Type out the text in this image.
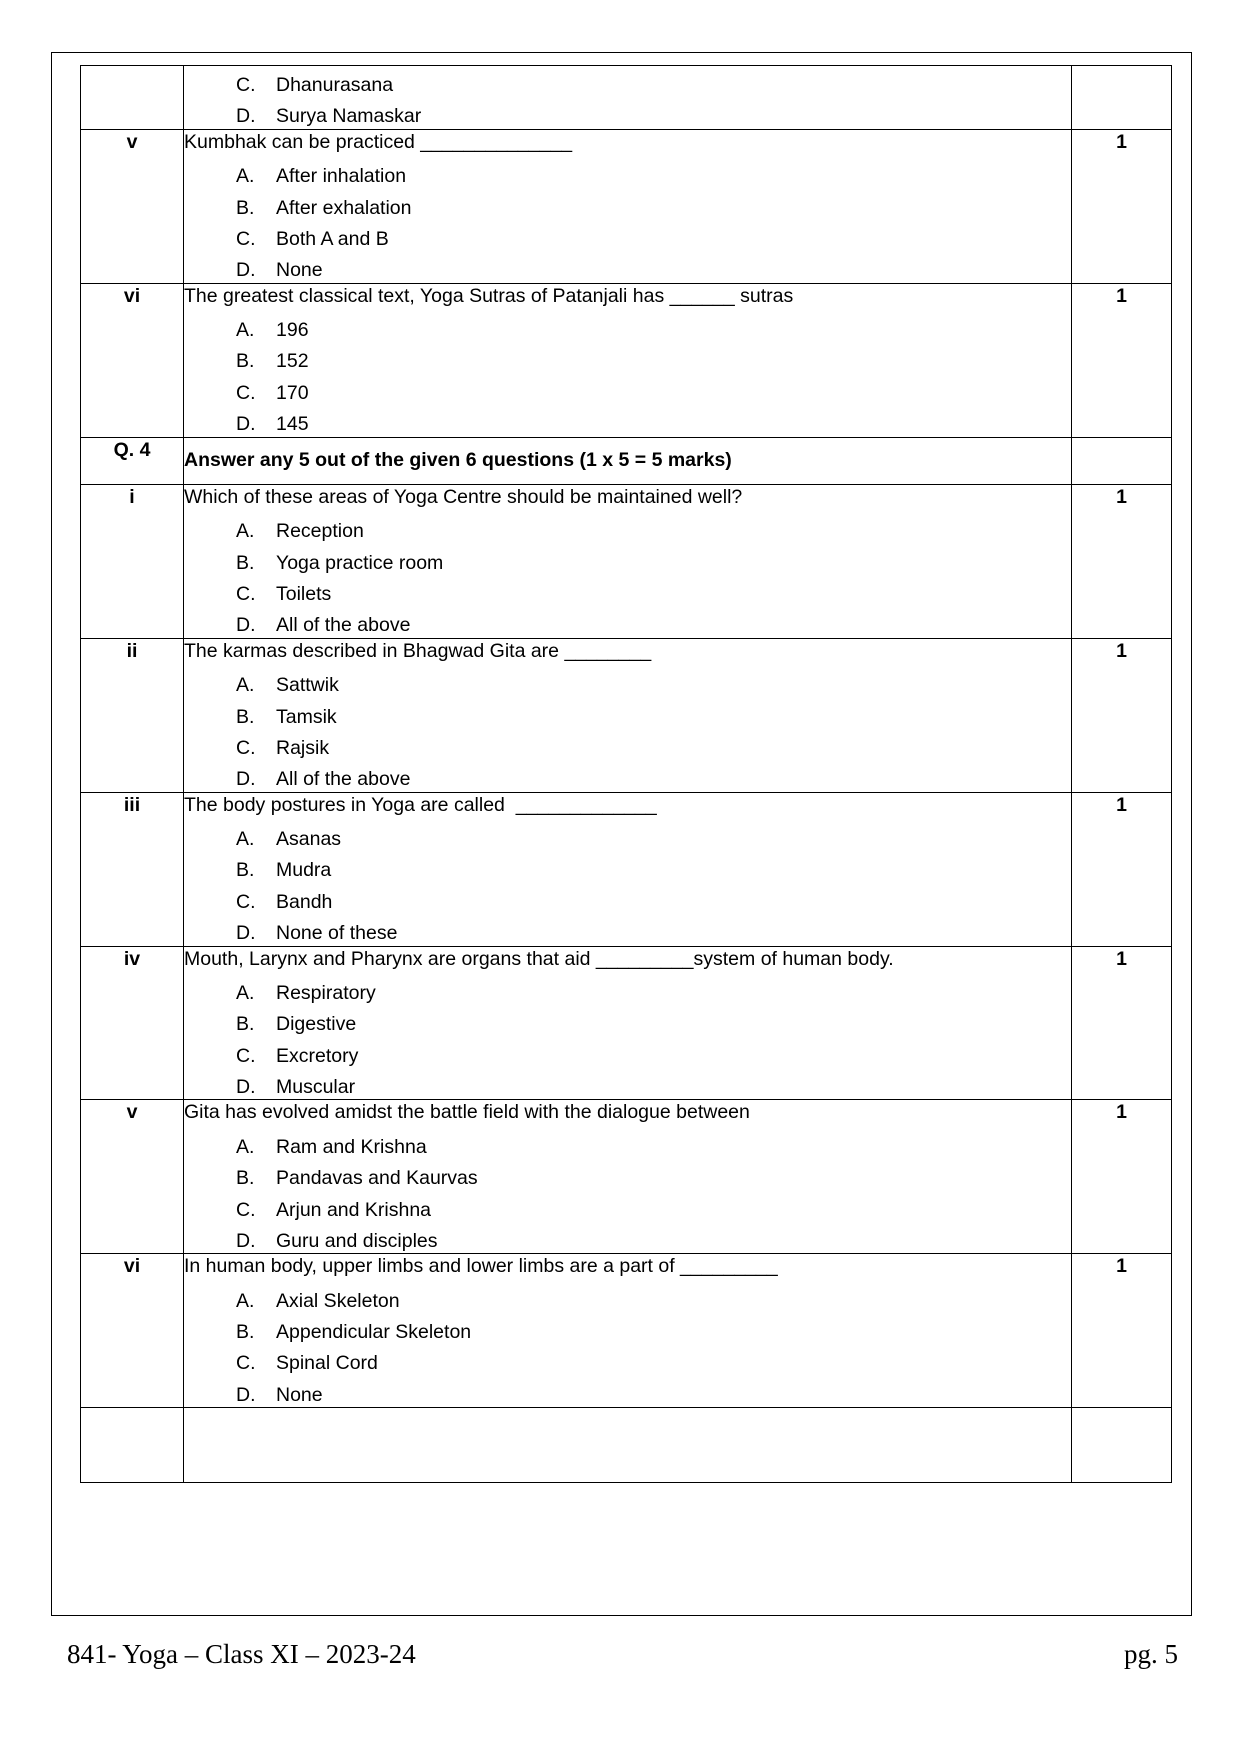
C.	Dhanurasana
D.	Surya Namaskar

v	Kumbhak can be practiced ______________
A.	After inhalation
B.	After exhalation
C.	Both A and B
D.	None
	1
vi	The greatest classical text, Yoga Sutras of Patanjali has ______ sutras
A.	196
B.	152
C.	170
D.	145
	1
Q. 4	Answer any 5 out of the given 6 questions (1 x 5 = 5 marks)	

i	Which of these areas of Yoga Centre should be maintained well?
A.	Reception
B.	Yoga practice room
C.	Toilets
D.	All of the above
	1
ii	The karmas described in Bhagwad Gita are ________
A.	Sattwik
B.	Tamsik
C.	Rajsik
D.	All of the above
	1
iii	The body postures in Yoga are called  _____________
A.	Asanas
B.	Mudra
C.	Bandh
D.	None of these
	1
iv	Mouth, Larynx and Pharynx are organs that aid _________system of human body.
A.	Respiratory
B.	Digestive
C.	Excretory
D.	Muscular
	1
v	Gita has evolved amidst the battle field with the dialogue between
A.	Ram and Krishna
B.	Pandavas and Kaurvas
C.	Arjun and Krishna
D.	Guru and disciples
	1
vi	In human body, upper limbs and lower limbs are a part of _________
A.	Axial Skeleton
B.	Appendicular Skeleton
C.	Spinal Cord
D.	None
	1

841- Yoga – Class XI – 2023-24	pg. 5
